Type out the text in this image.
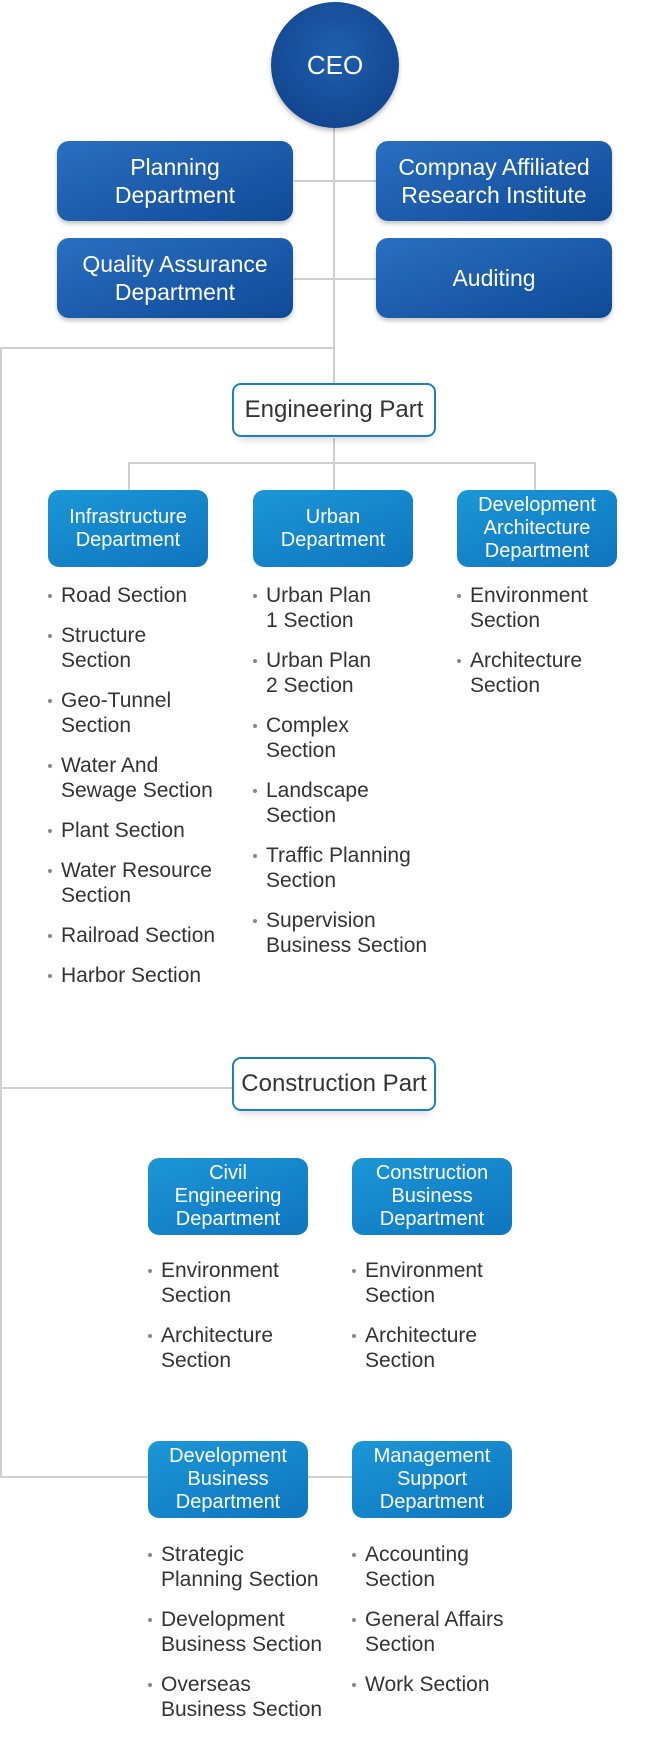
CEO
Planning
Department
Compnay Affiliated
Research Institute
Quality Assurance
Department
Auditing
Engineering Part
Infrastructure
Department
Urban
Department
Development
Architecture
Department
Road Section
Structure
Section
Geo-Tunnel
Section
Water And
Sewage Section
Plant Section
Water Resource
Section
Railroad Section
Harbor Section
Urban Plan
1 Section
Urban Plan
2 Section
Complex
Section
Landscape
Section
Traffic Planning
Section
Supervision
Business Section
Environment
Section
Architecture
Section
Construction Part
Civil
Engineering
Department
Construction
Business
Department
Environment
Section
Architecture
Section
Environment
Section
Architecture
Section
Development
Business
Department
Management
Support
Department
Strategic
Planning Section
Development
Business Section
Overseas
Business Section
Accounting
Section
General Affairs
Section
Work Section
